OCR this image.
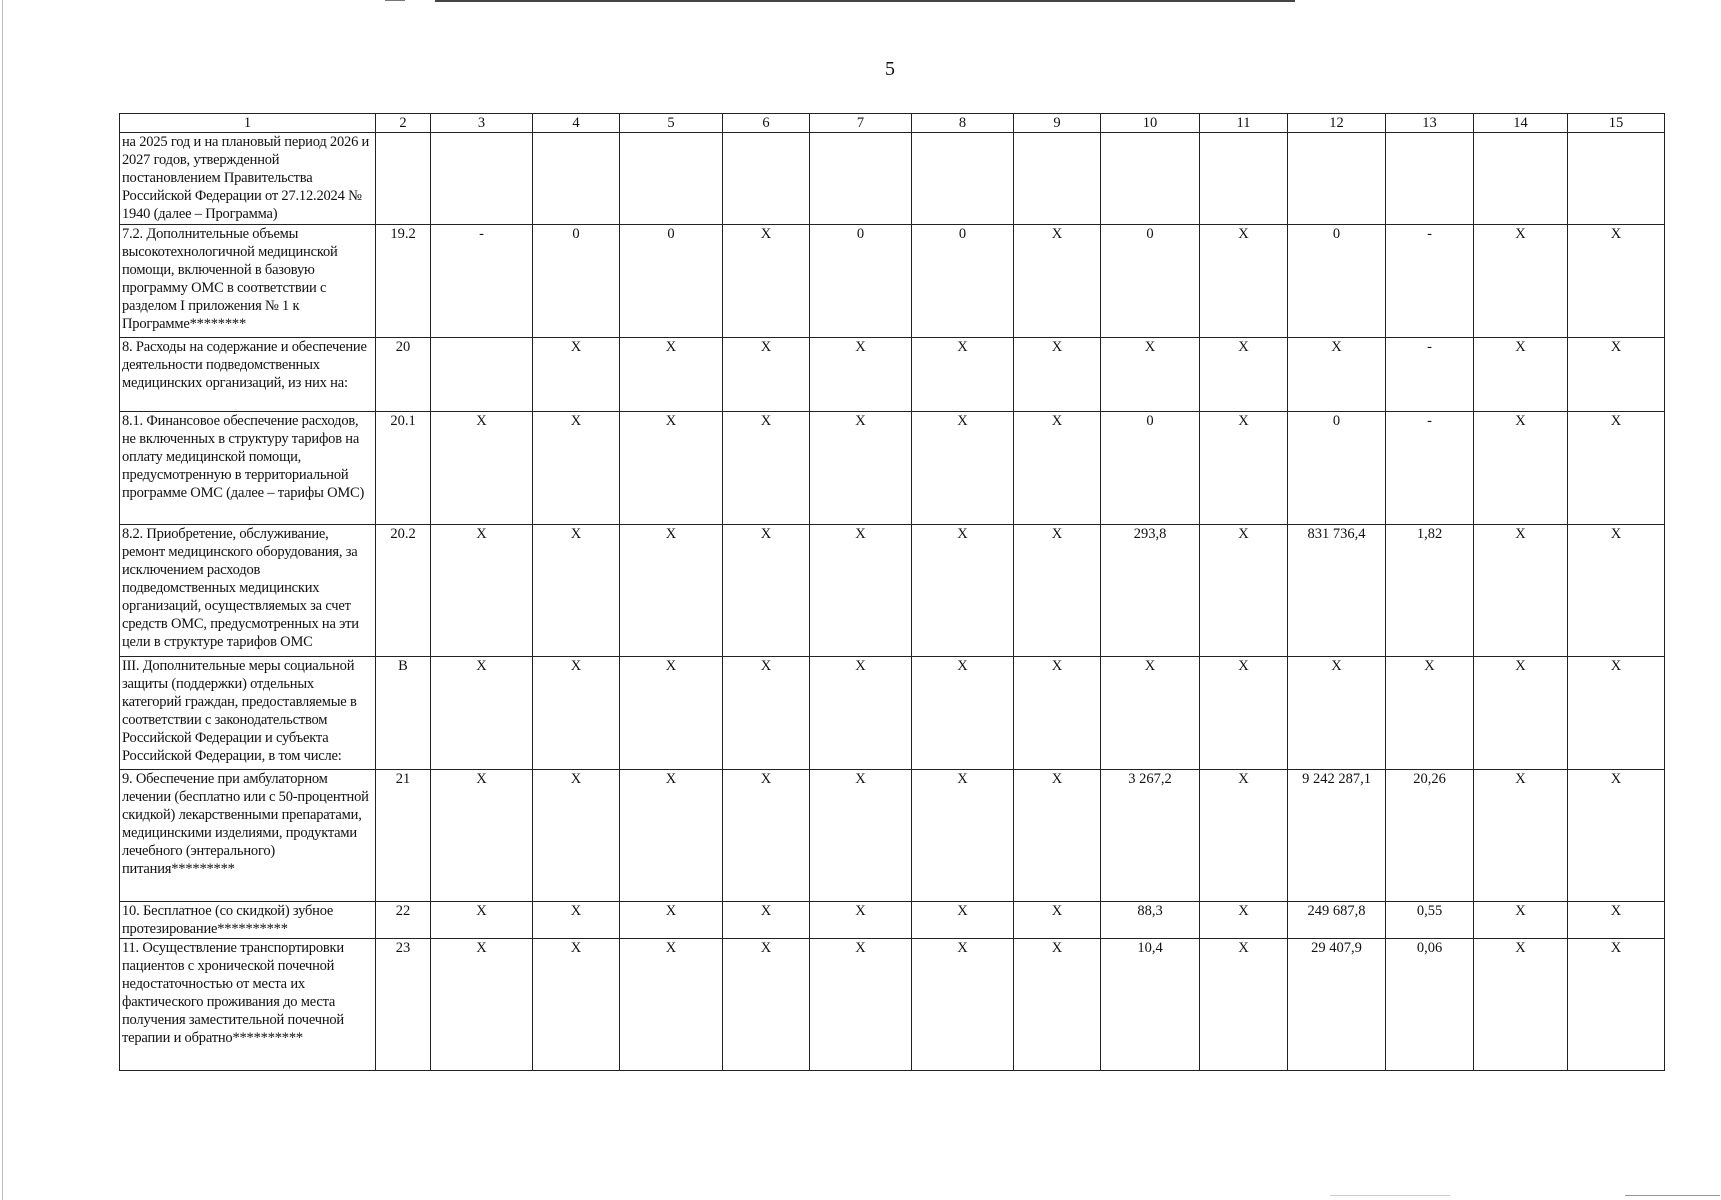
5
1	2	3	4	5	6	7	8	9	10	11	12	13	14	15
на 2025 год и на плановый период 2026 и 2027 годов, утвержденной постановлением Правительства Российской Федерации от 27.12.2024 № 1940 (далее – Программа)														
7.2. Дополнительные объемы высокотехнологичной медицинской помощи, включенной в базовую программу ОМС в соответствии с разделом I приложения № 1 к Программе********	19.2	-	0	0	X	0	0	X	0	X	0	-	X	X
8. Расходы на содержание и обеспечение деятельности подведомственных медицинских организаций, из них на:	20		X	X	X	X	X	X	X	X	X	-	X	X
8.1. Финансовое обеспечение расходов, не включенных в структуру тарифов на оплату медицинской помощи, предусмотренную в территориальной программе ОМС (далее – тарифы ОМС)	20.1	X	X	X	X	X	X	X	0	X	0	-	X	X
8.2. Приобретение, обслуживание, ремонт медицинского оборудования, за исключением расходов подведомственных медицинских организаций, осуществляемых за счет средств ОМС, предусмотренных на эти цели в структуре тарифов ОМС	20.2	X	X	X	X	X	X	X	293,8	X	831 736,4	1,82	X	X
III. Дополнительные меры социальной защиты (поддержки) отдельных категорий граждан, предоставляемые в соответствии с законодательством Российской Федерации и субъекта Российской Федерации, в том числе:	В	X	X	X	X	X	X	X	X	X	X	X	X	X
9. Обеспечение при амбулаторном лечении (бесплатно или с 50-процентной скидкой) лекарственными препаратами, медицинскими изделиями, продуктами лечебного (энтерального) питания*********	21	X	X	X	X	X	X	X	3 267,2	X	9 242 287,1	20,26	X	X
10. Бесплатное (со скидкой) зубное протезирование**********	22	X	X	X	X	X	X	X	88,3	X	249 687,8	0,55	X	X
11. Осуществление транспортировки пациентов с хронической почечной недостаточностью от места их фактического проживания до места получения заместительной почечной терапии и обратно**********	23	X	X	X	X	X	X	X	10,4	X	29 407,9	0,06	X	X
